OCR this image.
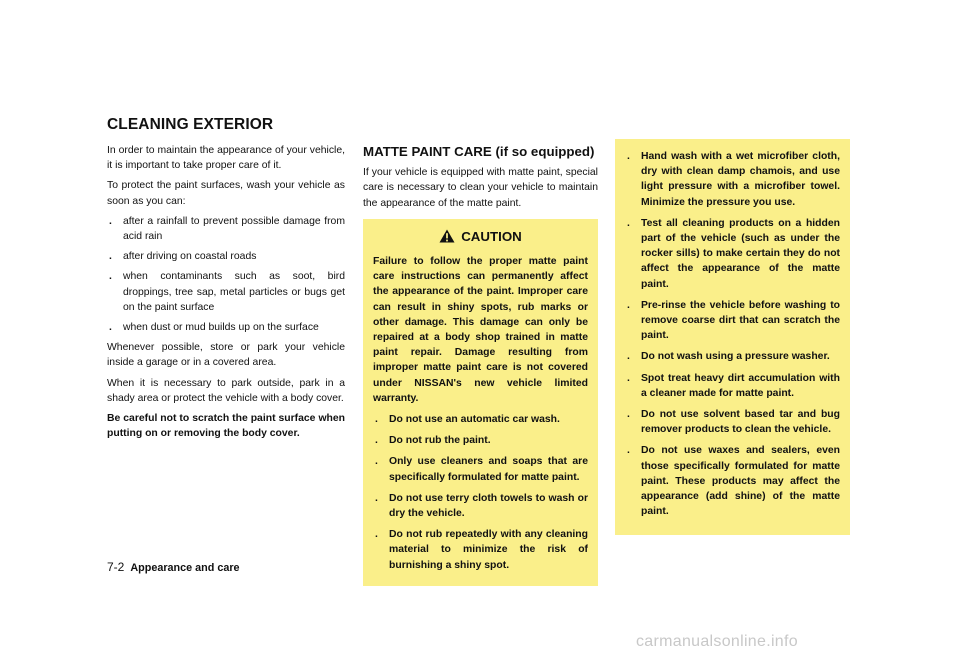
CLEANING EXTERIOR

In order to maintain the appearance of your vehicle, it is important to take proper care of it.

To protect the paint surfaces, wash your vehicle as soon as you can:

.	after a rainfall to prevent possible damage from acid rain
.	after driving on coastal roads
.	when contaminants such as soot, bird droppings, tree sap, metal particles or bugs get on the paint surface
.	when dust or mud builds up on the surface

Whenever possible, store or park your vehicle inside a garage or in a covered area.

When it is necessary to park outside, park in a shady area or protect the vehicle with a body cover.

Be careful not to scratch the paint surface when putting on or removing the body cover.

MATTE PAINT CARE (if so equipped)

If your vehicle is equipped with matte paint, special care is necessary to clean your vehicle to maintain the appearance of the matte paint.

CAUTION

Failure to follow the proper matte paint care instructions can permanently affect the appearance of the paint. Improper care can result in shiny spots, rub marks or other damage. This damage can only be repaired at a body shop trained in matte paint repair. Damage resulting from improper matte paint care is not covered under NISSAN's new vehicle limited warranty.

.	Do not use an automatic car wash.
.	Do not rub the paint.
.	Only use cleaners and soaps that are specifically formulated for matte paint.
.	Do not use terry cloth towels to wash or dry the vehicle.
.	Do not rub repeatedly with any cleaning material to minimize the risk of burnishing a shiny spot.
.	Hand wash with a wet microfiber cloth, dry with clean damp chamois, and use light pressure with a microfiber towel. Minimize the pressure you use.
.	Test all cleaning products on a hidden part of the vehicle (such as under the rocker sills) to make certain they do not affect the appearance of the matte paint.
.	Pre-rinse the vehicle before washing to remove coarse dirt that can scratch the paint.
.	Do not wash using a pressure washer.
.	Spot treat heavy dirt accumulation with a cleaner made for matte paint.
.	Do not use solvent based tar and bug remover products to clean the vehicle.
.	Do not use waxes and sealers, even those specifically formulated for matte paint. These products may affect the appearance (add shine) of the matte paint.
7-2 Appearance and care
carmanualsonline.info
